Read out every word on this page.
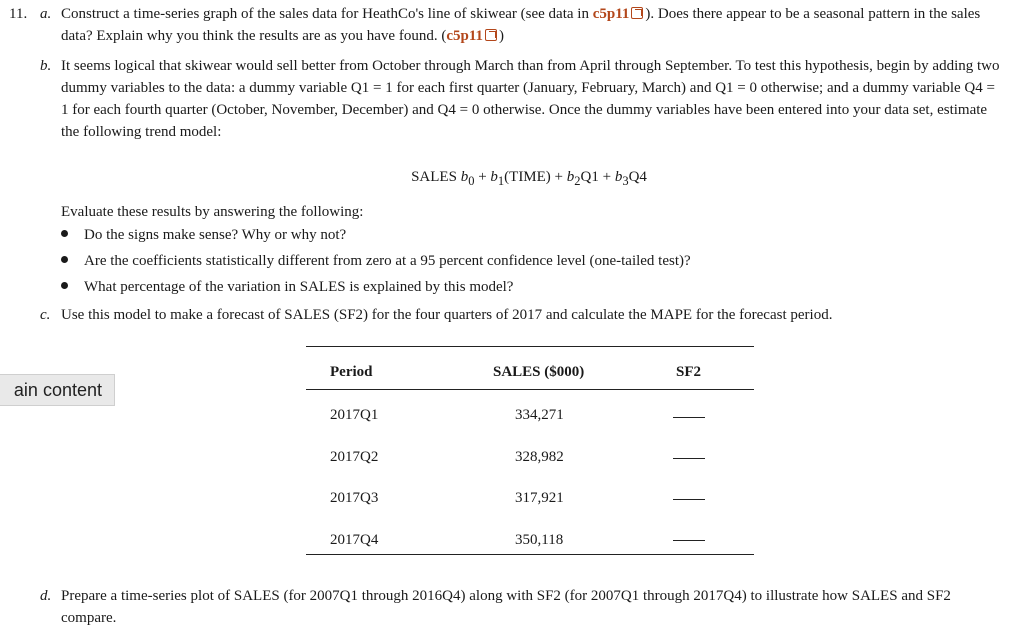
11. a. Construct a time-series graph of the sales data for HeathCo's line of skiwear (see data in c5p11 ). Does there appear to be a seasonal pattern in the sales data? Explain why you think the results are as you have found. (c5p11 )
b. It seems logical that skiwear would sell better from October through March than from April through September. To test this hypothesis, begin by adding two dummy variables to the data: a dummy variable Q1 = 1 for each first quarter (January, February, March) and Q1 = 0 otherwise; and a dummy variable Q4 = 1 for each fourth quarter (October, November, December) and Q4 = 0 otherwise. Once the dummy variables have been entered into your data set, estimate the following trend model:
SALES $b_0$ + $b_1(TIME) + b_2Q1 + b_3Q4$
Evaluate these results by answering the following:
Do the signs make sense? Why or why not?
Are the coefficients statistically different from zero at a 95 percent confidence level (one-tailed test)?
What percentage of the variation in SALES is explained by this model?
c. Use this model to make a forecast of SALES (SF2) for the four quarters of 2017 and calculate the MAPE for the forecast period.
ain content
Period	SALES ($000)	SF2
2017Q1	334,271
2017Q2	328,982
2017Q3	317,921
2017Q4	350,118
d. Prepare a time-series plot of SALES (for 2007Q1 through 2016Q4) along with SF2 (for 2007Q1 through 2017Q4) to illustrate how SALES and SF2 compare.
